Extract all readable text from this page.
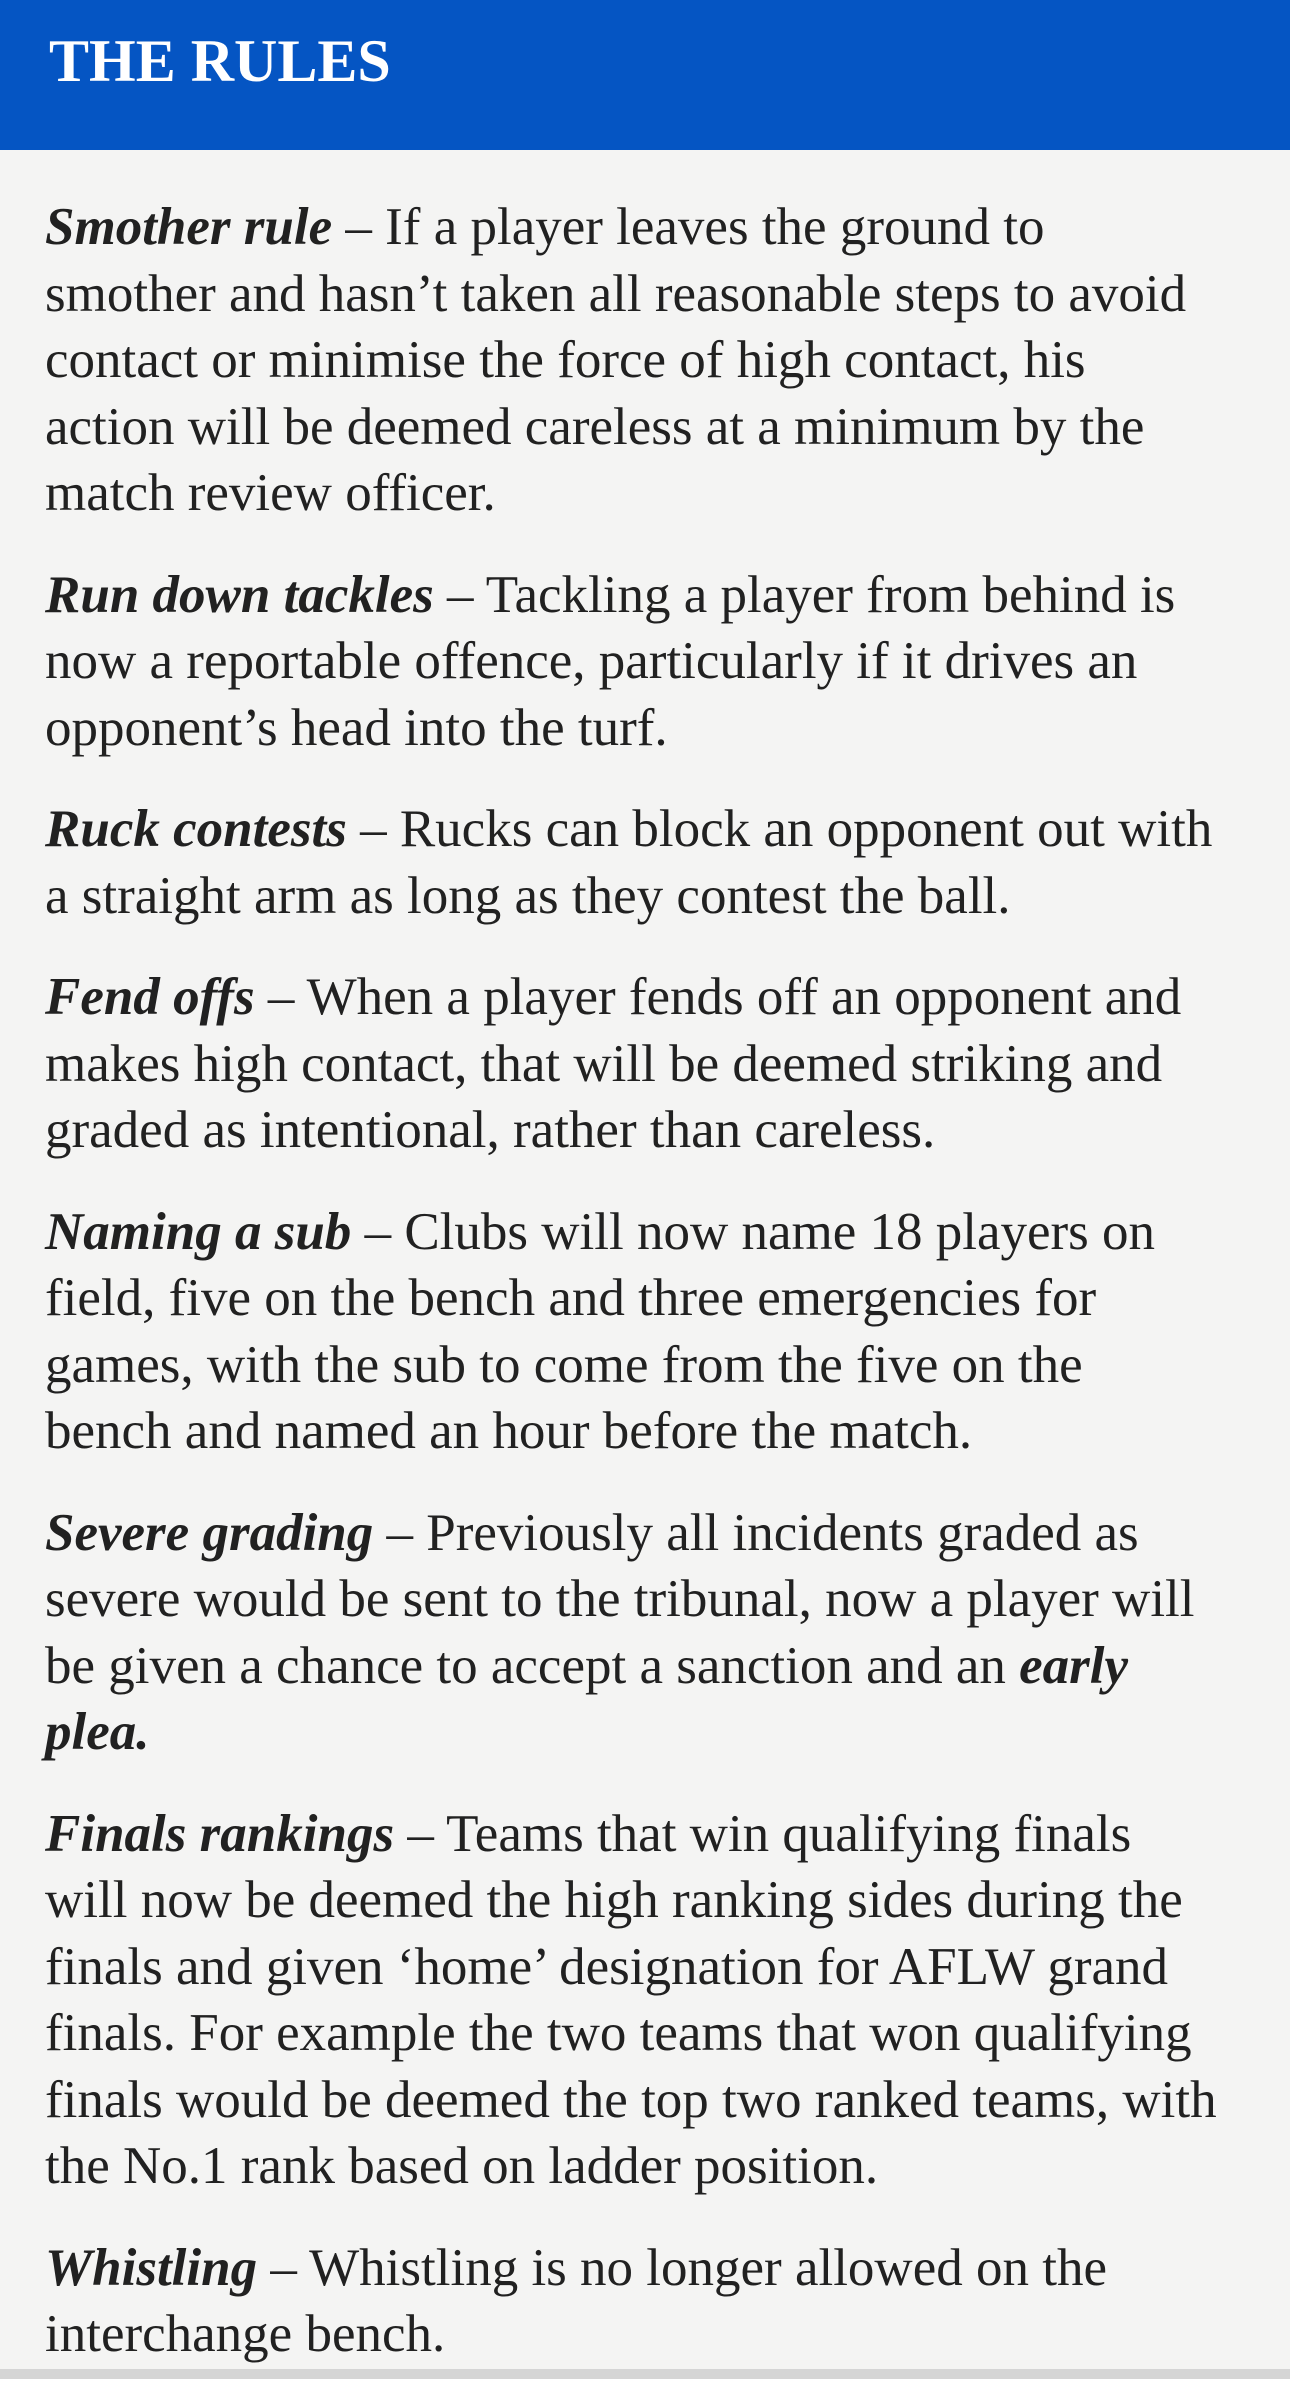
THE RULES

Smother rule – If a player leaves the ground to
smother and hasn’t taken all reasonable steps to avoid
contact or minimise the force of high contact, his
action will be deemed careless at a minimum by the
match review officer.

Run down tackles – Tackling a player from behind is
now a reportable offence, particularly if it drives an
opponent’s head into the turf.

Ruck contests – Rucks can block an opponent out with
a straight arm as long as they contest the ball.

Fend offs – When a player fends off an opponent and
makes high contact, that will be deemed striking and
graded as intentional, rather than careless.

Naming a sub – Clubs will now name 18 players on
field, five on the bench and three emergencies for
games, with the sub to come from the five on the
bench and named an hour before the match.

Severe grading – Previously all incidents graded as
severe would be sent to the tribunal, now a player will
be given a chance to accept a sanction and an early
plea.

Finals rankings – Teams that win qualifying finals
will now be deemed the high ranking sides during the
finals and given ‘home’ designation for AFLW grand
finals. For example the two teams that won qualifying
finals would be deemed the top two ranked teams, with
the No.1 rank based on ladder position.

Whistling – Whistling is no longer allowed on the
interchange bench.
